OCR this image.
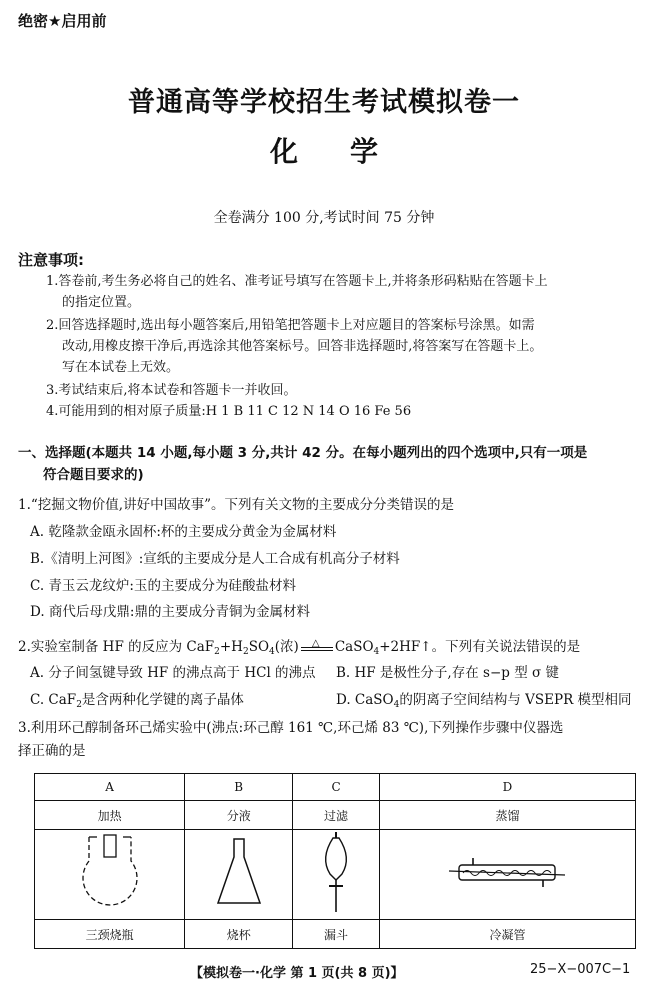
绝密★启用前
普通高等学校招生考试模拟卷一
化 学
全卷满分 100 分,考试时间 75 分钟
注意事项:
1.答卷前,考生务必将自己的姓名、准考证号填写在答题卡上,并将条形码粘贴在答题卡上
的指定位置。
2.回答选择题时,选出每小题答案后,用铅笔把答题卡上对应题目的答案标号涂黑。如需
改动,用橡皮擦干净后,再选涂其他答案标号。回答非选择题时,将答案写在答题卡上。
写在本试卷上无效。
3.考试结束后,将本试卷和答题卡一并收回。
4.可能用到的相对原子质量:H 1 B 11 C 12 N 14 O 16 Fe 56
一、选择题(本题共 14 小题,每小题 3 分,共计 42 分。在每小题列出的四个选项中,只有一项是
符合题目要求的)
1.“挖掘文物价值,讲好中国故事”。下列有关文物的主要成分分类错误的是
A. 乾隆款金瓯永固杯:杯的主要成分黄金为金属材料
B.《清明上河图》:宣纸的主要成分是人工合成有机高分子材料
C. 青玉云龙纹炉:玉的主要成分为硅酸盐材料
D. 商代后母戊鼎:鼎的主要成分青铜为金属材料
2.实验室制备 HF 的反应为 $CaF_2+H_2SO_4$(浓) △ CaSO$_4$+2HF↑。下列有关说法错误的是
A. 分子间氢键导致 HF 的沸点高于 HCl 的沸点	B. HF 是极性分子,存在 s−p 型 σ 键
C. CaF$_2$是含两种化学键的离子晶体	D. CaSO$_4$的阴离子空间结构与 VSEPR 模型相同
3.利用环己醇制备环己烯实验中(沸点:环己醇 161 ℃,环己烯 83 ℃),下列操作步骤中仪器选
择正确的是
A	B	C	D
加热	分液	过滤	蒸馏

三颈烧瓶	烧杯	漏斗	冷凝管
【模拟卷一·化学 第 1 页(共 8 页)】	25−X−007C−1
